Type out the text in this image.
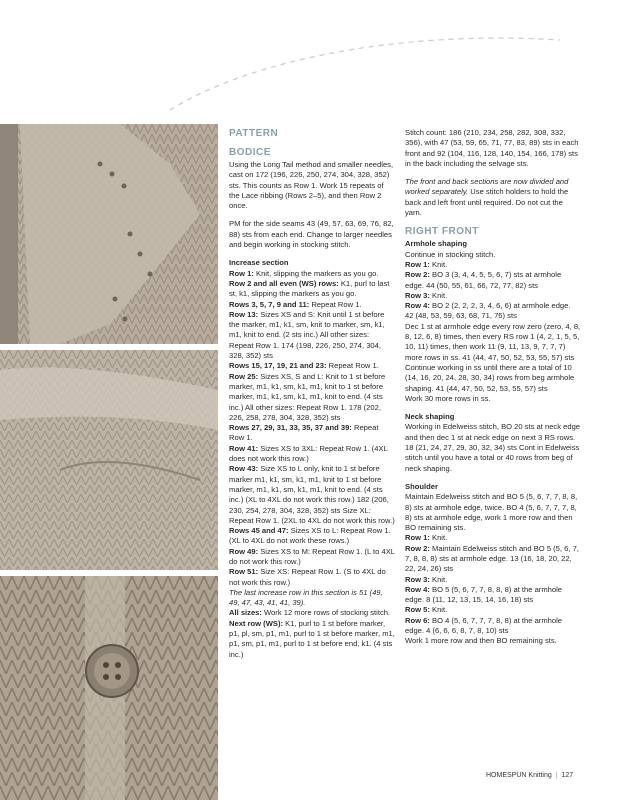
PATTERN
BODICE

Using the Long Tail method and smaller needles, cast on 172 (196, 226, 250, 274, 304, 328, 352) sts. This counts as Row 1. Work 15 repeats of the Lace ribbing (Rows 2–5), and then Row 2 once.

PM for the side seams 43 (49, 57, 63, 69, 76, 82, 88) sts from each end. Change to larger needles and begin working in stocking stitch.

Increase section

Row 1: Knit, slipping the markers as you go.

Row 2 and all even (WS) rows: K1, purl to last st, k1, slipping the markers as you go.

Rows 3, 5, 7, 9 and 11: Repeat Row 1.

Row 13: Sizes XS and S: Knit until 1 st before the marker, m1, k1, sm, knit to marker, sm, k1, m1, knit to end. (2 sts inc.) All other sizes: Repeat Row 1. 174 (198, 226, 250, 274, 304, 328, 352) sts

Rows 15, 17, 19, 21 and 23: Repeat Row 1.

Row 25: Sizes XS, S and L: Knit to 1 st before marker, m1, k1, sm, k1, m1, knit to 1 st before marker, m1, k1, sm, k1, m1, knit to end. (4 sts inc.) All other sizes: Repeat Row 1. 178 (202, 226, 258, 278, 304, 328, 352) sts

Rows 27, 29, 31, 33, 35, 37 and 39: Repeat Row 1.

Row 41: Sizes XS to 3XL: Repeat Row 1. (4XL does not work this row.)

Row 43: Size XS to L only, knit to 1 st before marker m1, k1, sm, k1, m1, knit to 1 st before marker, m1, k1, sm, k1, m1, knit to end. (4 sts inc.) (XL to 4XL do not work this row.) 182 (206, 230, 254, 278, 304, 328, 352) sts Size XL: Repeat Row 1. (2XL to 4XL do not work this row.)

Rows 45 and 47: Sizes XS to L: Repeat Row 1. (XL to 4XL do not work these rows.)

Row 49: Sizes XS to M: Repeat Row 1. (L to 4XL do not work this row.)

Row 51: Size XS: Repeat Row 1. (S to 4XL do not work this row.)

The last increase row in this section is 51 (49, 49, 47, 43, 41, 41, 39).

All sizes: Work 12 more rows of stocking stitch.

Next row (WS): K1, purl to 1 st before marker, p1, pl, sm, p1, m1, purl to 1 st before marker, m1, p1, sm, p1, m1, purl to 1 st before end, k1. (4 sts inc.)

Stitch count: 186 (210, 234, 258, 282, 308, 332, 356), with 47 (53, 59, 65, 71, 77, 83, 89) sts in each front and 92 (104, 116, 128, 140, 154, 166, 178) sts in the back including the selvage sts.

The front and back sections are now divided and worked separately. Use stitch holders to hold the back and left front until required. Do not cut the yarn.

RIGHT FRONT
Armhole shaping

Continue in stocking stitch.

Row 1: Knit.

Row 2: BO 3 (3, 4, 4, 5, 5, 6, 7) sts at armhole edge. 44 (50, 55, 61, 66, 72, 77, 82) sts

Row 3: Knit.

Row 4: BO 2 (2, 2, 2, 3, 4, 6, 6) at armhole edge. 42 (48, 53, 59, 63, 68, 71, 76) sts

Dec 1 st at armhole edge every row zero (zero, 4, 8, 8, 12, 6, 8) times, then every RS row 1 (4, 2, 1, 5, 5, 10, 11) times, then work 11 (9, 11, 13, 9, 7, 7, 7) more rows in ss. 41 (44, 47, 50, 52, 53, 55, 57) sts

Continue working in ss until there are a total of 10 (14, 16, 20, 24, 28, 30, 34) rows from beg armhole shaping. 41 (44, 47, 50, 52, 53, 55, 57) sts

Work 30 more rows in ss.

Neck shaping

Working in Edelweiss stitch, BO 20 sts at neck edge and then dec 1 st at neck edge on next 3 RS rows. 18 (21, 24, 27, 29, 30, 32, 34) sts Cont in Edelweiss stitch until you have a total or 40 rows from beg of neck shaping.

Shoulder

Maintain Edelweiss stitch and BO 5 (5, 6, 7, 7, 8, 8, 8) sts at armhole edge, twice. BO 4 (5, 6, 7, 7, 7, 8, 8) sts at armhole edge, work 1 more row and then BO remaining sts.

Row 1: Knit.

Row 2: Maintain Edelweiss stitch and BO 5 (5, 6, 7, 7, 8, 8, 8) sts at armhole edge. 13 (16, 18, 20, 22, 22, 24, 26) sts

Row 3: Knit.

Row 4: BO 5 (5, 6, 7, 7, 8, 8, 8) at the armhole edge. 8 (11, 12, 13, 15, 14, 16, 18) sts

Row 5: Knit.

Row 6: BO 4 (5, 6, 7, 7, 7, 8, 8) at the armhole edge. 4 (6, 6, 6, 8, 7, 8, 10) sts

Work 1 more row and then BO remaining sts.

HOMESPUN Knitting | 127
PassionForum.ru
